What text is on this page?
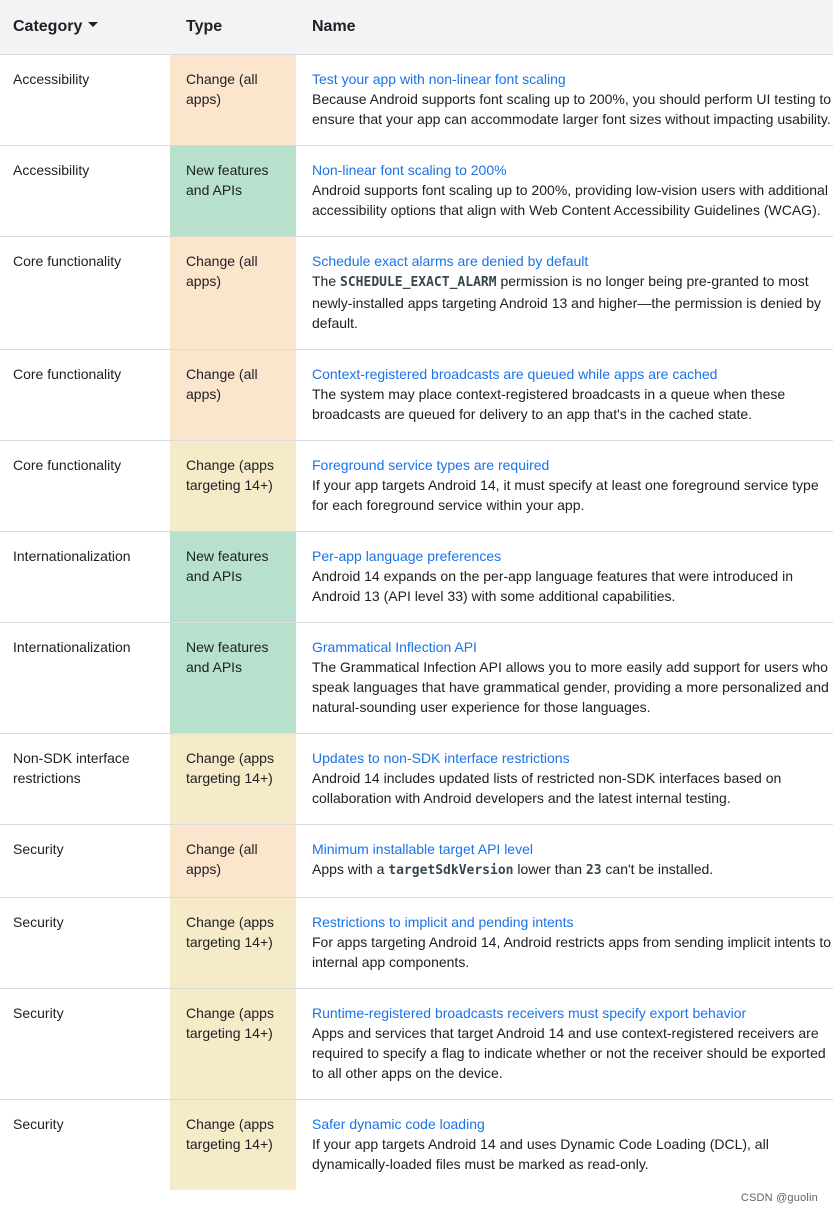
Category	Type	Name
Accessibility	Change (all apps)	Test your app with non-linear font scaling
Because Android supports font scaling up to 200%, you should perform UI testing to ensure that your app can accommodate larger font sizes without impacting usability.
Accessibility	New features and APIs	Non-linear font scaling to 200%
Android supports font scaling up to 200%, providing low-vision users with additional accessibility options that align with Web Content Accessibility Guidelines (WCAG).
Core functionality	Change (all apps)	Schedule exact alarms are denied by default
The SCHEDULE_EXACT_ALARM permission is no longer being pre-granted to most newly-installed apps targeting Android 13 and higher—the permission is denied by default.
Core functionality	Change (all apps)	Context-registered broadcasts are queued while apps are cached
The system may place context-registered broadcasts in a queue when these broadcasts are queued for delivery to an app that's in the cached state.
Core functionality	Change (apps targeting 14+)	Foreground service types are required
If your app targets Android 14, it must specify at least one foreground service type for each foreground service within your app.
Internationalization	New features and APIs	Per-app language preferences
Android 14 expands on the per-app language features that were introduced in Android 13 (API level 33) with some additional capabilities.
Internationalization	New features and APIs	Grammatical Inflection API
The Grammatical Infection API allows you to more easily add support for users who speak languages that have grammatical gender, providing a more personalized and natural-sounding user experience for those languages.
Non-SDK interface restrictions	Change (apps targeting 14+)	Updates to non-SDK interface restrictions
Android 14 includes updated lists of restricted non-SDK interfaces based on collaboration with Android developers and the latest internal testing.
Security	Change (all apps)	Minimum installable target API level
Apps with a targetSdkVersion lower than 23 can't be installed.
Security	Change (apps targeting 14+)	Restrictions to implicit and pending intents
For apps targeting Android 14, Android restricts apps from sending implicit intents to internal app components.
Security	Change (apps targeting 14+)	Runtime-registered broadcasts receivers must specify export behavior
Apps and services that target Android 14 and use context-registered receivers are required to specify a flag to indicate whether or not the receiver should be exported to all other apps on the device.
Security	Change (apps targeting 14+)	Safer dynamic code loading
If your app targets Android 14 and uses Dynamic Code Loading (DCL), all dynamically-loaded files must be marked as read-only.
CSDN @guolin
